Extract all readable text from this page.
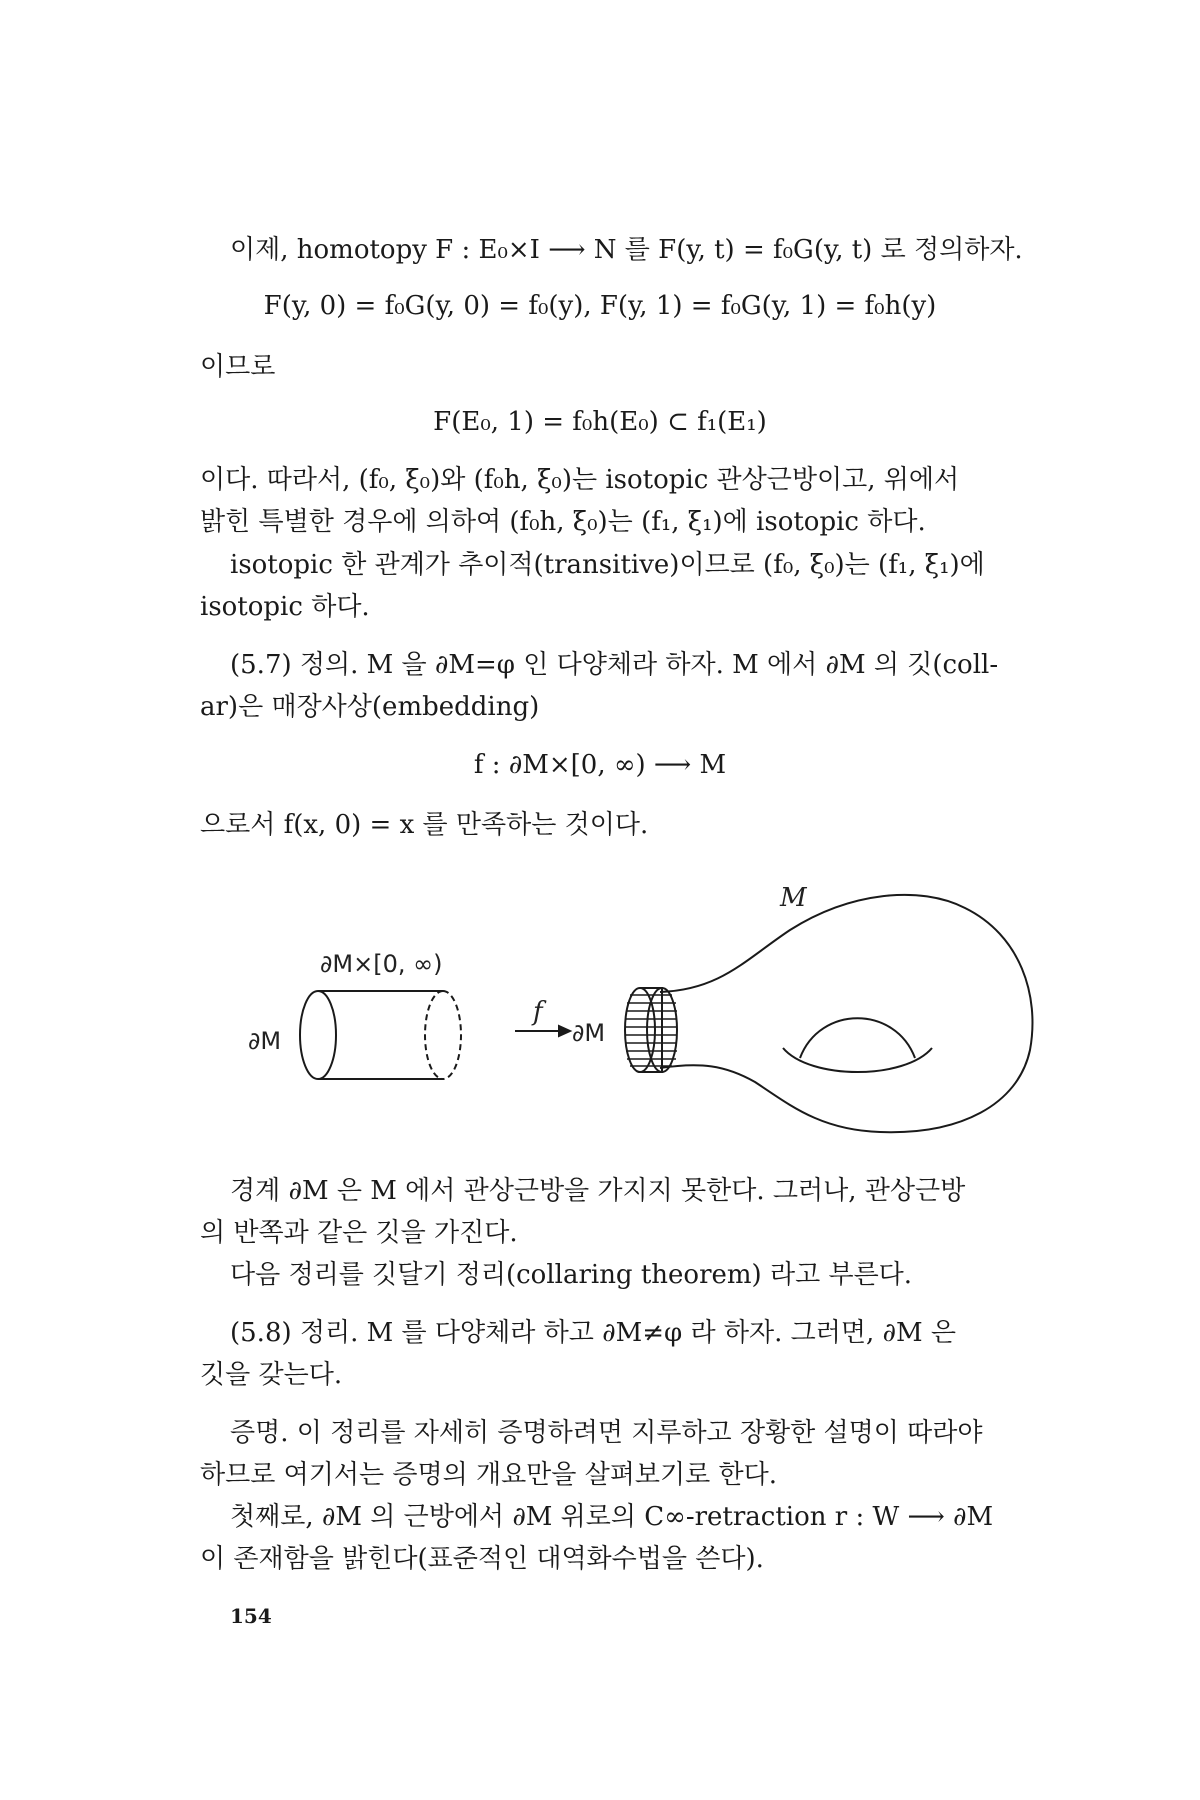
이제, homotopy F : E₀×I ⟶ N 를 F(y, t) = f₀G(y, t) 로 정의하자.
F(y, 0) = f₀G(y, 0) = f₀(y), F(y, 1) = f₀G(y, 1) = f₀h(y)
이므로
F(E₀, 1) = f₀h(E₀) ⊂ f₁(E₁)
이다. 따라서, (f₀, ξ₀)와 (f₀h, ξ₀)는 isotopic 관상근방이고, 위에서
밝힌 특별한 경우에 의하여 (f₀h, ξ₀)는 (f₁, ξ₁)에 isotopic 하다.
isotopic 한 관계가 추이적(transitive)이므로 (f₀, ξ₀)는 (f₁, ξ₁)에
isotopic 하다.
(5.7) 정의. M 을 ∂M=φ 인 다양체라 하자. M 에서 ∂M 의 깃(coll-
ar)은 매장사상(embedding)
f : ∂M×[0, ∞) ⟶ M
으로서 f(x, 0) = x 를 만족하는 것이다.
M
∂M×[0, ∞)
∂M
f
∂M
경계 ∂M 은 M 에서 관상근방을 가지지 못한다. 그러나, 관상근방
의 반쪽과 같은 깃을 가진다.
다음 정리를 깃달기 정리(collaring theorem) 라고 부른다.
(5.8) 정리. M 를 다양체라 하고 ∂M≠φ 라 하자. 그러면, ∂M 은
깃을 갖는다.
증명. 이 정리를 자세히 증명하려면 지루하고 장황한 설명이 따라야
하므로 여기서는 증명의 개요만을 살펴보기로 한다.
첫째로, ∂M 의 근방에서 ∂M 위로의 C∞-retraction r : W ⟶ ∂M
이 존재함을 밝힌다(표준적인 대역화수법을 쓴다).
154
